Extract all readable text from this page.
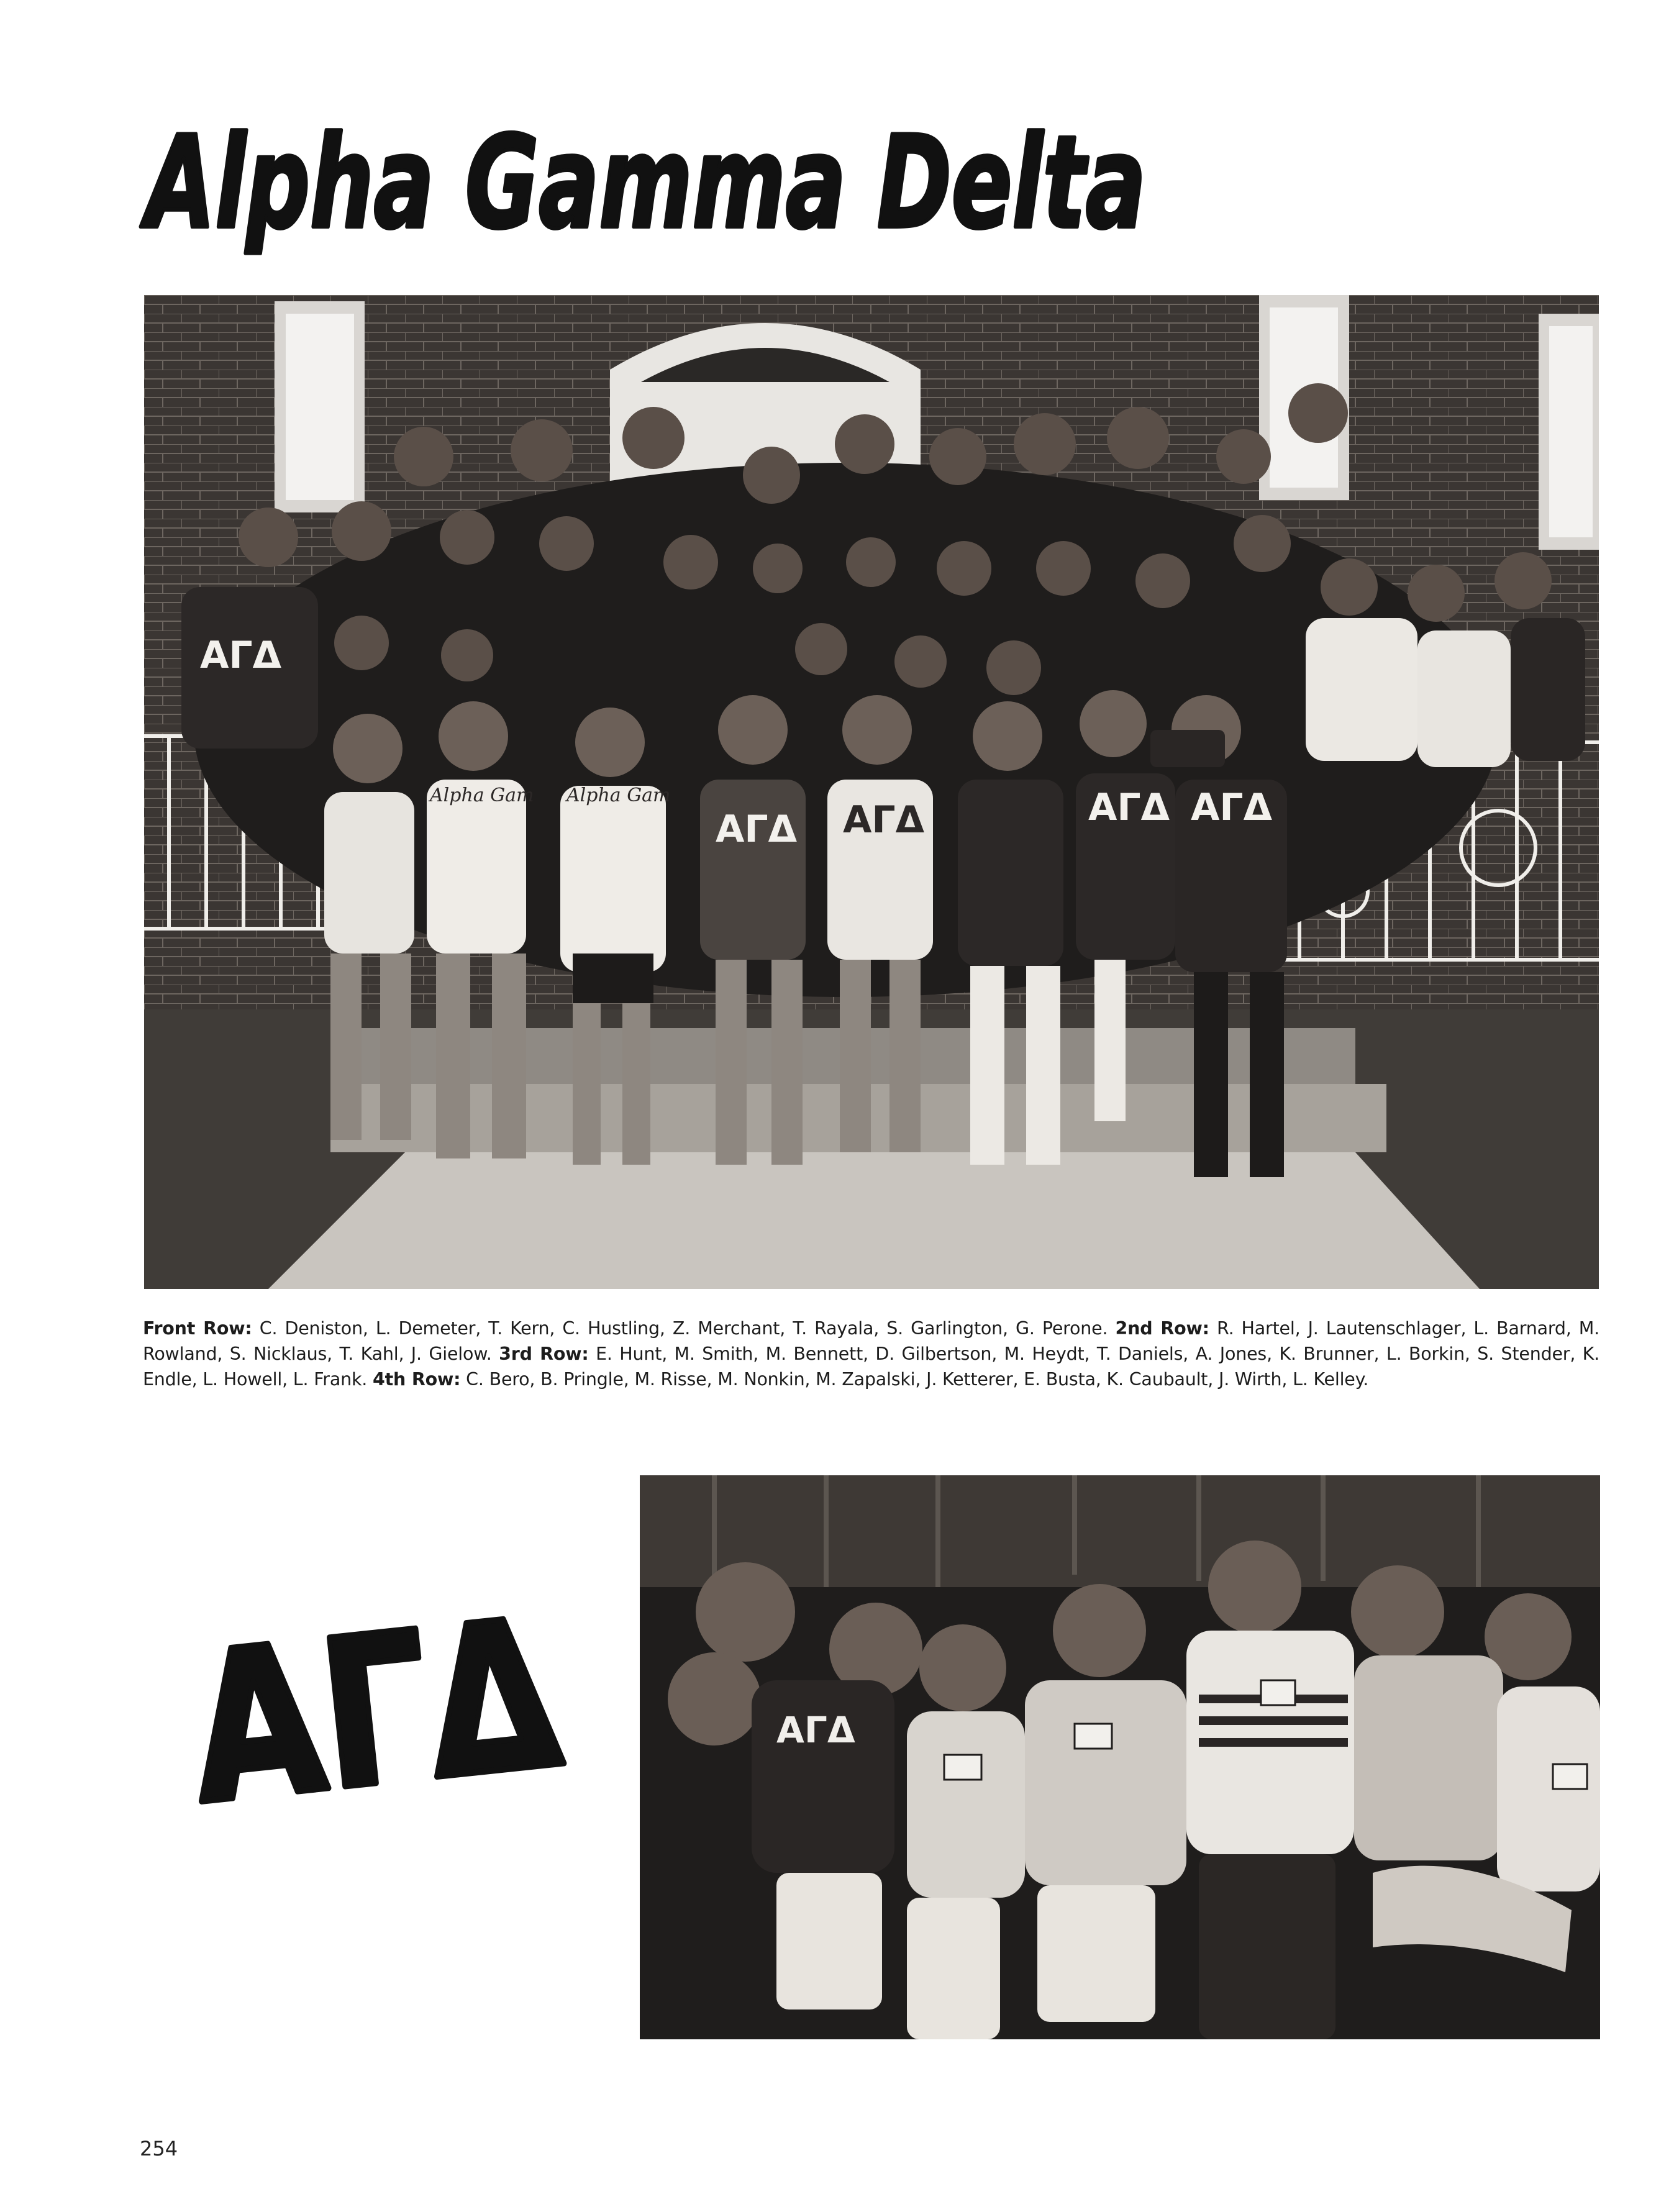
Alpha Gamma Delta
ΑΓΔ	ΑΓΔ ΑΓΔ
ΑΓΔ
ΑΓΔ
Alpha Gam Alpha Gam

Front Row: C. Deniston, L. Demeter, T. Kern, C. Hustling, Z. Merchant, T. Rayala, S. Garlington, G. Perone. 2nd Row: R. Hartel, J. Lautenschlager, L. Barnard, M. Rowland, S. Nicklaus, T. Kahl, J. Gielow. 3rd Row: E. Hunt, M. Smith, M. Bennett, D. Gilbertson, M. Heydt, T. Daniels, A. Jones, K. Brunner, L. Borkin, S. Stender, K. Endle, L. Howell, L. Frank. 4th Row: C. Bero, B. Pringle, M. Risse, M. Nonkin, M. Zapalski, J. Ketterer, E. Busta, K. Caubault, J. Wirth, L. Kelley.

ΑΓΔ	ΑΓΔ

254
